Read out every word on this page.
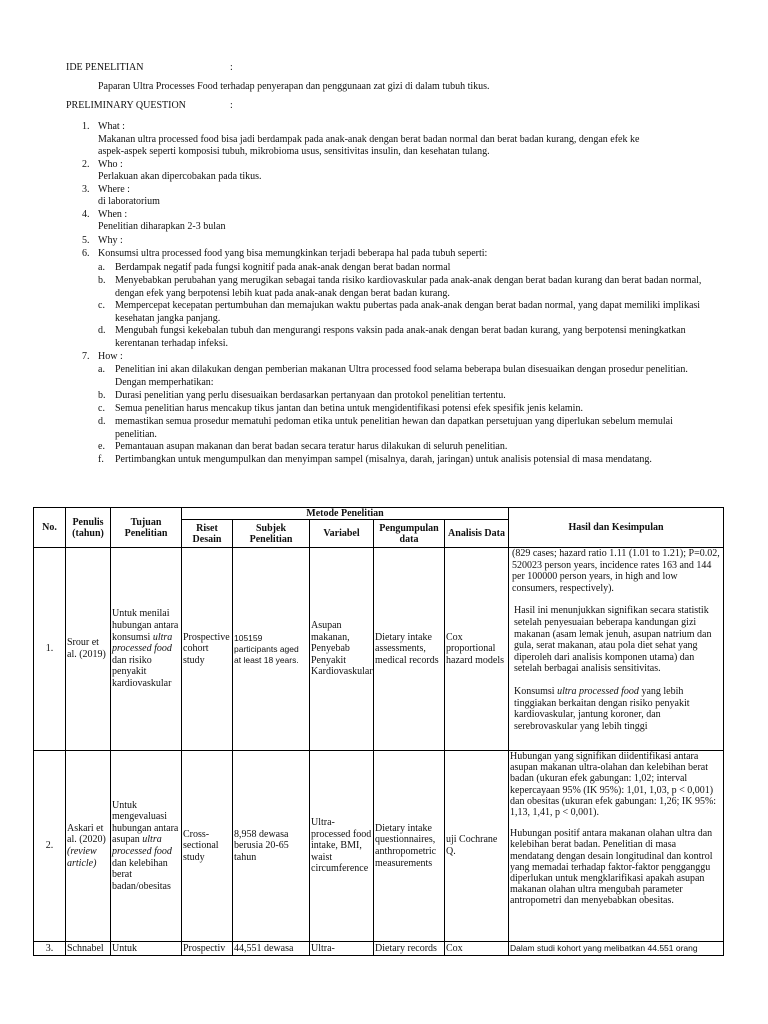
IDE PENELITIAN	:
Paparan Ultra Processes Food terhadap penyerapan dan penggunaan zat gizi di dalam tubuh tikus.
PRELIMINARY QUESTION	:
1. What :
Makanan ultra processed food bisa jadi berdampak pada anak-anak dengan berat badan normal dan berat badan kurang, dengan efek ke
aspek-aspek seperti komposisi tubuh, mikrobioma usus, sensitivitas insulin, dan kesehatan tulang.
2. Who :
Perlakuan akan dipercobakan pada tikus.
3. Where :
di laboratorium
4. When :
Penelitian diharapkan 2-3 bulan
5. Why :
6. Konsumsi ultra processed food yang bisa memungkinkan terjadi beberapa hal pada tubuh seperti:
a. Berdampak negatif pada fungsi kognitif pada anak-anak dengan berat badan normal
b. Menyebabkan perubahan yang merugikan sebagai tanda risiko kardiovaskular pada anak-anak dengan berat badan kurang dan berat badan normal, dengan efek yang berpotensi lebih kuat pada anak-anak dengan berat badan kurang.
c. Mempercepat kecepatan pertumbuhan dan memajukan waktu pubertas pada anak-anak dengan berat badan normal, yang dapat memiliki implikasi kesehatan jangka panjang.
d. Mengubah fungsi kekebalan tubuh dan mengurangi respons vaksin pada anak-anak dengan berat badan kurang, yang berpotensi meningkatkan kerentanan terhadap infeksi.
7. How :
a. Penelitian ini akan dilakukan dengan pemberian makanan Ultra processed food selama beberapa bulan disesuaikan dengan prosedur penelitian. Dengan memperhatikan:
b. Durasi penelitian yang perlu disesuaikan berdasarkan pertanyaan dan protokol penelitian tertentu.
c. Semua penelitian harus mencakup tikus jantan dan betina untuk mengidentifikasi potensi efek spesifik jenis kelamin.
d. memastikan semua prosedur mematuhi pedoman etika untuk penelitian hewan dan dapatkan persetujuan yang diperlukan sebelum memulai penelitian.
e. Pemantauan asupan makanan dan berat badan secara teratur harus dilakukan di seluruh penelitian.
f. Pertimbangkan untuk mengumpulkan dan menyimpan sampel (misalnya, darah, jaringan) untuk analisis potensial di masa mendatang.
No.	Penulis (tahun)	Tujuan Penelitian	Metode Penelitian					Hasil dan Kesimpulan
			Riset Desain	Subjek Penelitian	Variabel	Pengumpulan data	Analisis Data	
1.	Srour et al. (2019)	Untuk menilai hubungan antara konsumsi ultra processed food dan risiko penyakit kardiovaskular	Prospective cohort study	105159 participants aged at least 18 years.	Asupan makanan, Penyebab Penyakit Kardiovaskular	Dietary intake assessments, medical records	Cox proportional hazard models	(829 cases; hazard ratio 1.11 (1.01 to 1.21); P=0.02, 520023 person years, incidence rates 163 and 144 per 100000 person years, in high and low consumers, respectively).

Hasil ini menunjukkan signifikan secara statistik setelah penyesuaian beberapa kandungan gizi makanan (asam lemak jenuh, asupan natrium dan gula, serat makanan, atau pola diet sehat yang diperoleh dari analisis komponen utama) dan setelah berbagai analisis sensitivitas.

Konsumsi ultra processed food yang lebih tinggiakan berkaitan dengan risiko penyakit kardiovaskular, jantung koroner, dan serebrovaskular yang lebih tinggi

2.	Askari et al. (2020) (review article)	Untuk mengevaluasi hubungan antara asupan ultra processed food dan kelebihan berat badan/obesitas	Cross-sectional study	8,958 dewasa berusia 20-65 tahun	Ultra-processed food intake, BMI, waist circumference	Dietary intake questionnaires, anthropometric measurements	uji Cochrane Q.	Hubungan yang signifikan diidentifikasi antara asupan makanan ultra-olahan dan kelebihan berat badan (ukuran efek gabungan: 1,02; interval kepercayaan 95% (IK 95%): 1,01, 1,03, p < 0,001) dan obesitas (ukuran efek gabungan: 1,26; IK 95%: 1,13, 1,41, p < 0,001).

Hubungan positif antara makanan olahan ultra dan kelebihan berat badan. Penelitian di masa mendatang dengan desain longitudinal dan kontrol yang memadai terhadap faktor-faktor pengganggu diperlukan untuk mengklarifikasi apakah asupan makanan olahan ultra mengubah parameter antropometri dan menyebabkan obesitas.

3.	Schnabel	Untuk	Prospectiv	44,551 dewasa	Ultra-	Dietary records	Cox	Dalam studi kohort yang melibatkan 44.551 orang
